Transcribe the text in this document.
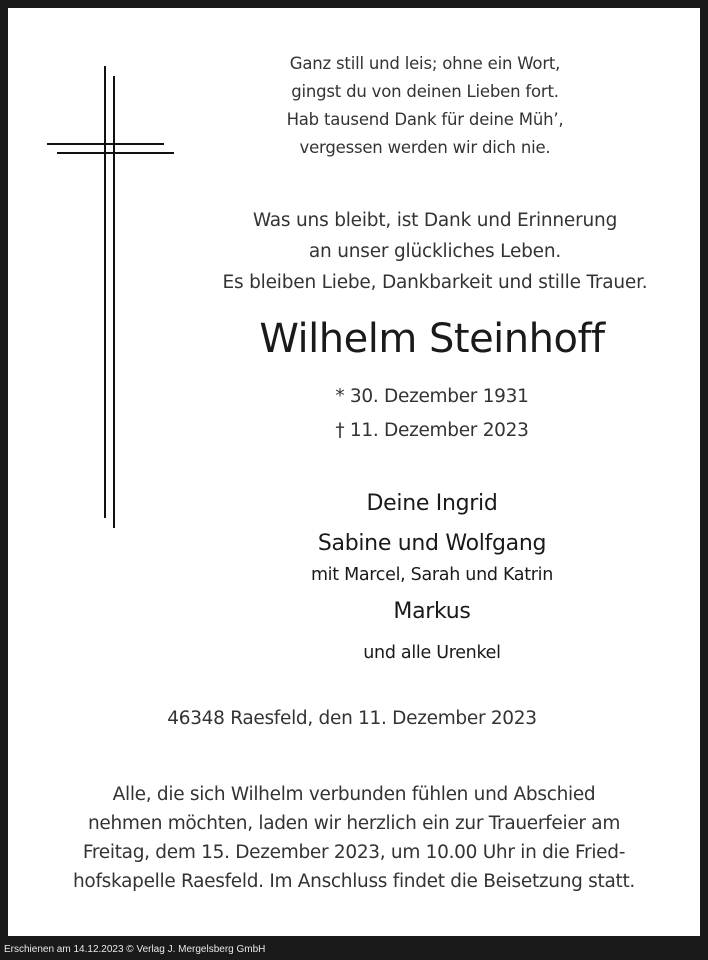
Ganz still und leis; ohne ein Wort,
gingst du von deinen Lieben fort.
Hab tausend Dank für deine Müh’,
vergessen werden wir dich nie.
Was uns bleibt, ist Dank und Erinnerung
an unser glückliches Leben.
Es bleiben Liebe, Dankbarkeit und stille Trauer.
Wilhelm Steinhoff
* 30. Dezember 1931
† 11. Dezember 2023
Deine Ingrid
Sabine und Wolfgang
mit Marcel, Sarah und Katrin
Markus
und alle Urenkel
46348 Raesfeld, den 11. Dezember 2023
Alle, die sich Wilhelm verbunden fühlen und Abschied
nehmen möchten, laden wir herzlich ein zur Trauerfeier am
Freitag, dem 15. Dezember 2023, um 10.00 Uhr in die Fried-
hofskapelle Raesfeld. Im Anschluss findet die Beisetzung statt.
Erschienen am 14.12.2023 © Verlag J. Mergelsberg GmbH
